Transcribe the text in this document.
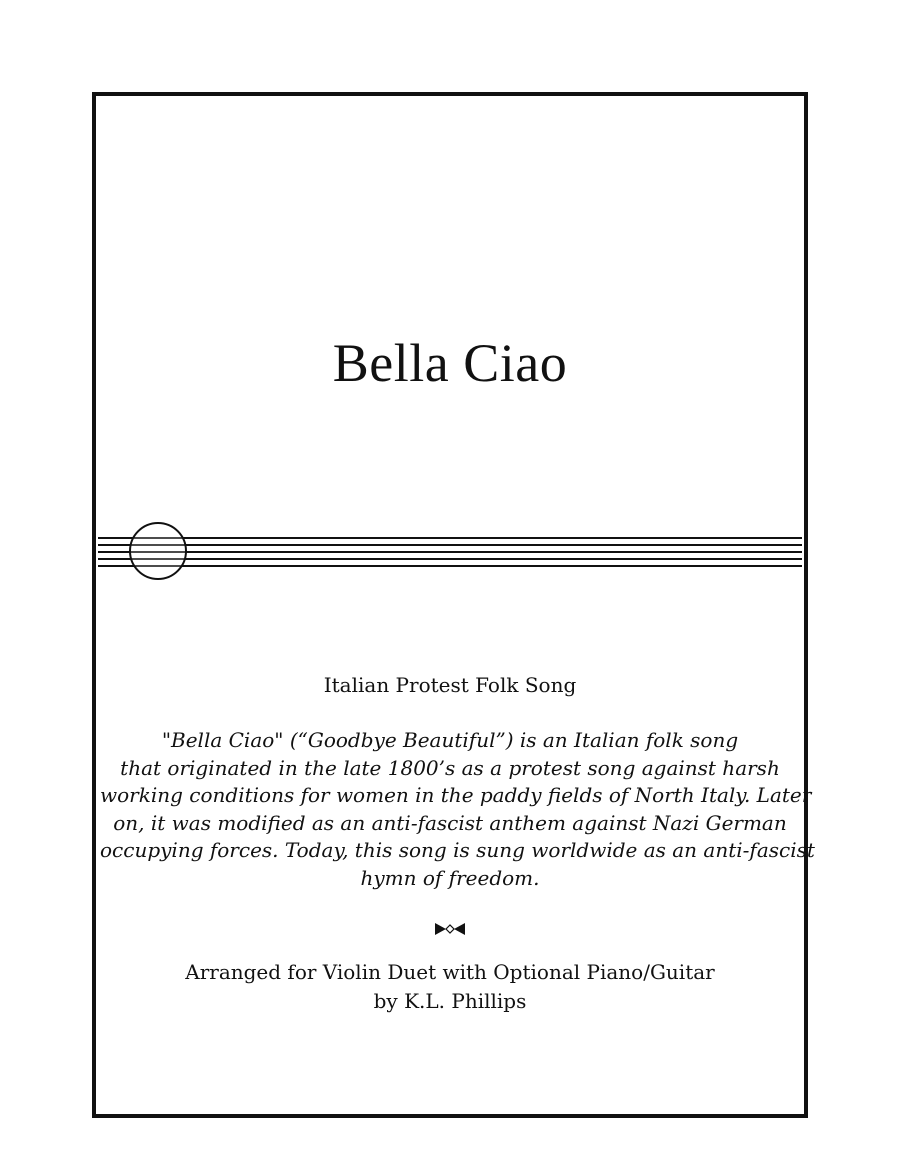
Bella Ciao

Italian Protest Folk Song

"Bella Ciao" (“Goodbye Beautiful”) is an Italian folk song
that originated in the late 1800’s as a protest song against harsh
working conditions for women in the paddy fields of North Italy. Later
on, it was modified as an anti-fascist anthem against Nazi German
occupying forces. Today, this song is sung worldwide as an anti-fascist
hymn of freedom.

Arranged for Violin Duet with Optional Piano/Guitar
by K.L. Phillips
